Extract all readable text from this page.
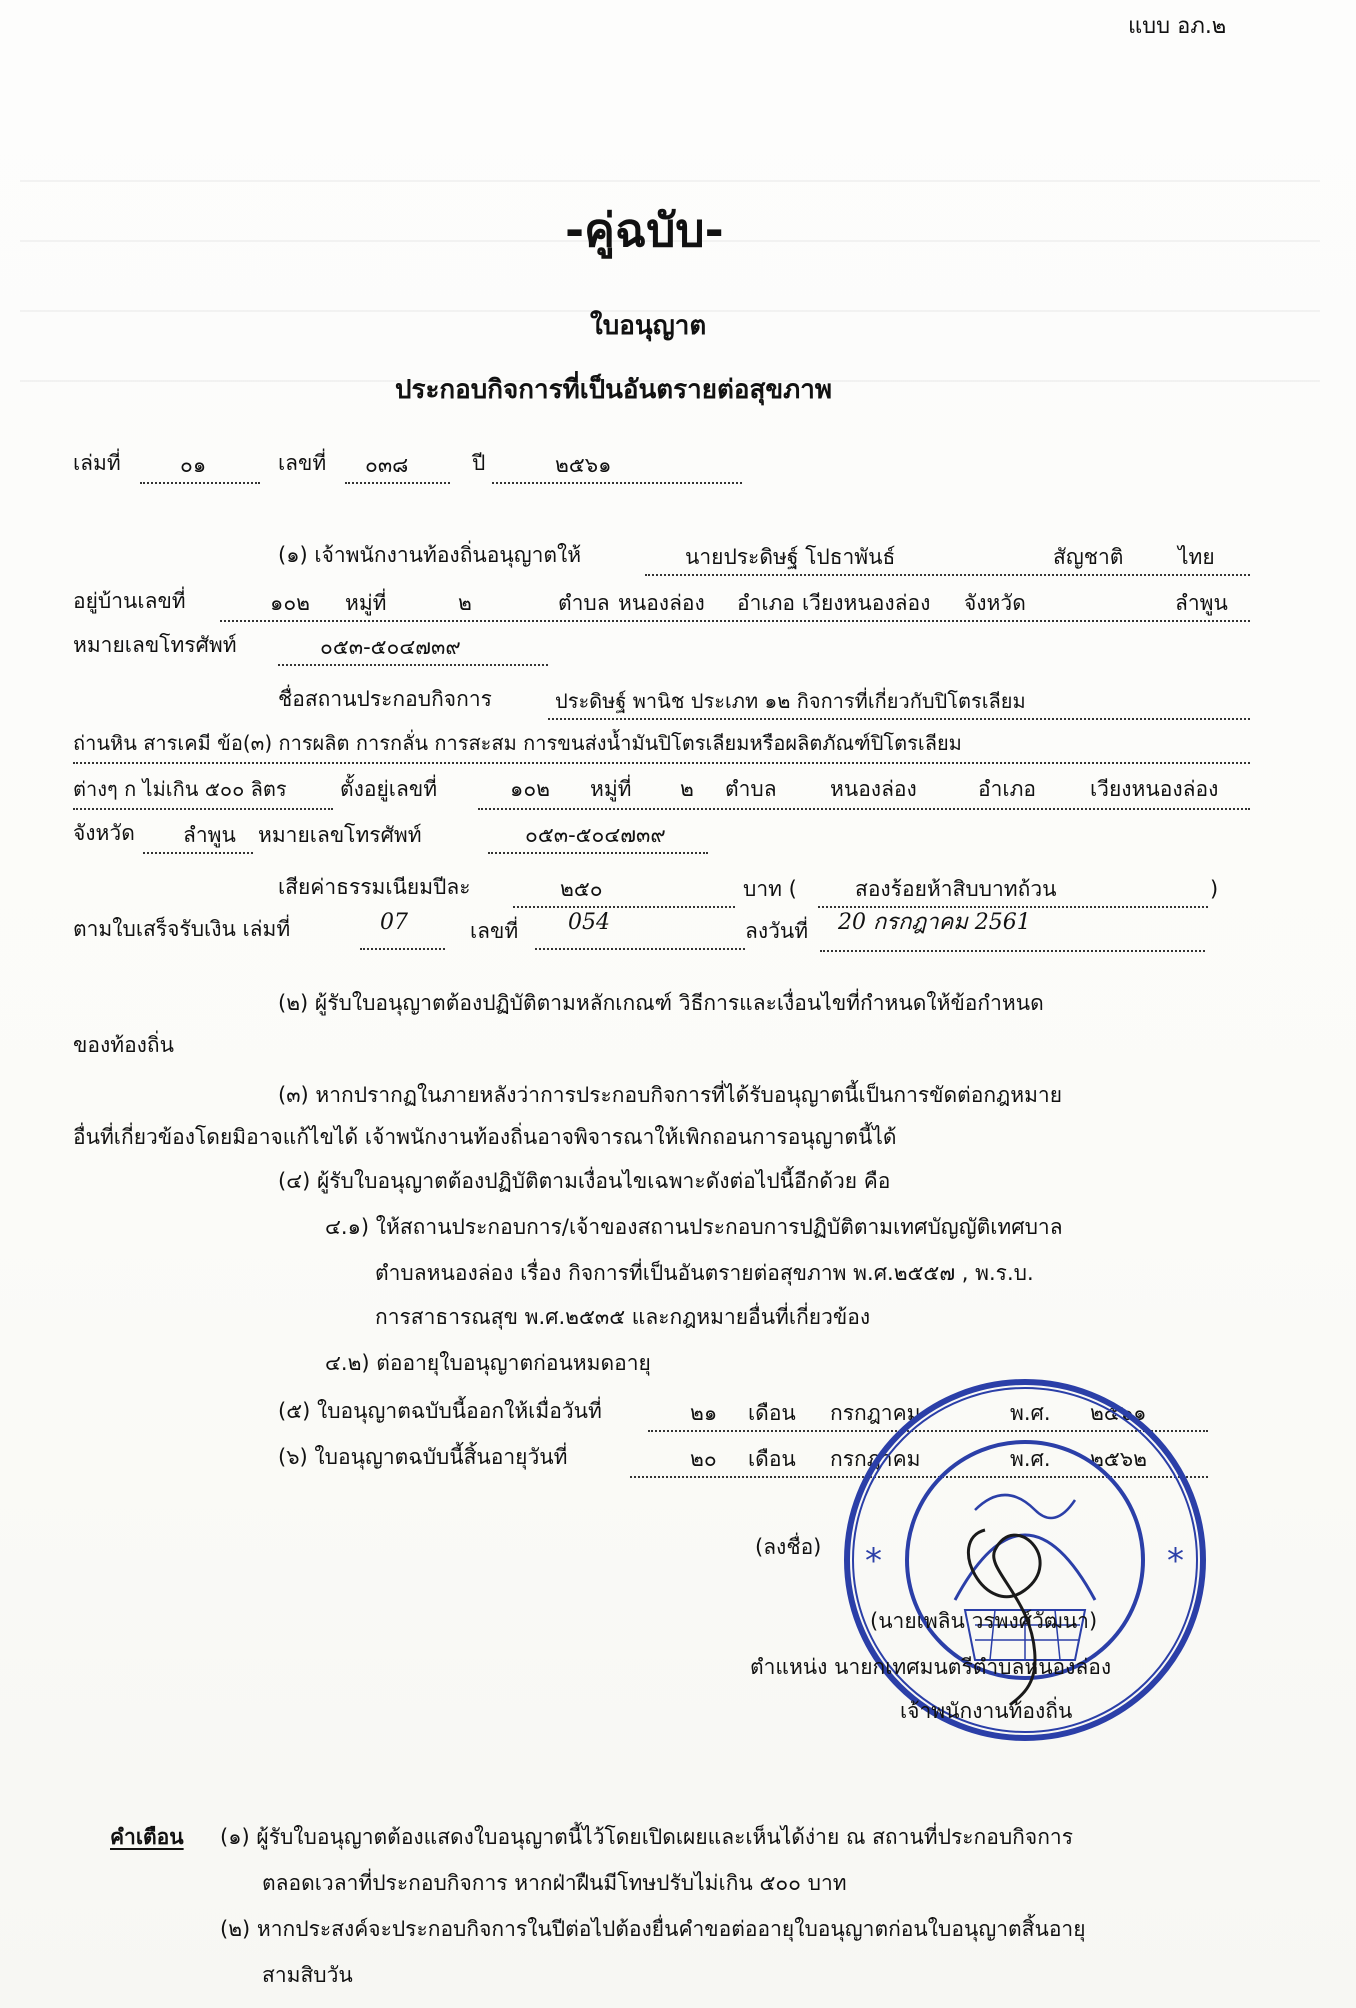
แบบ อภ.๒
-คู่ฉบับ-
ใบอนุญาต
ประกอบกิจการที่เป็นอันตรายต่อสุขภาพ
เล่มที่	๐๑	เลขที่ ๐๓๘	ปี	๒๕๖๑
(๑) เจ้าพนักงานท้องถิ่นอนุญาตให้	นายประดิษฐ์ โปธาพันธ์	สัญชาติ	ไทย
อยู่บ้านเลขที่	๑๐๒ หมู่ที่	๒	ตำบล หนองล่อง อำเภอ เวียงหนองล่อง จังหวัด	ลำพูน
หมายเลขโทรศัพท์	๐๕๓-๕๐๔๗๓๙
ชื่อสถานประกอบกิจการ	ประดิษฐ์ พานิช ประเภท ๑๒ กิจการที่เกี่ยวกับปิโตรเลียม
ถ่านหิน สารเคมี ข้อ(๓) การผลิต การกลั่น การสะสม การขนส่งน้ำมันปิโตรเลียมหรือผลิตภัณฑ์ปิโตรเลียม
ต่างๆ ก ไม่เกิน ๕๐๐ ลิตร	ตั้งอยู่เลขที่	๑๐๒ หมู่ที่ ๒ ตำบล	หนองล่อง	อำเภอ	เวียงหนองล่อง
จังหวัด ลำพูน หมายเลขโทรศัพท์	๐๕๓-๕๐๔๗๓๙
เสียค่าธรรมเนียมปีละ	๒๕๐	บาท (	สองร้อยห้าสิบบาทถ้วน	)
ตามใบเสร็จรับเงิน เล่มที่	07	เลขที่ 054	ลงวันที่ 20 กรกฎาคม 2561
(๒) ผู้รับใบอนุญาตต้องปฏิบัติตามหลักเกณฑ์ วิธีการและเงื่อนไขที่กำหนดให้ข้อกำหนด
ของท้องถิ่น
(๓) หากปรากฏในภายหลังว่าการประกอบกิจการที่ได้รับอนุญาตนี้เป็นการขัดต่อกฎหมาย
อื่นที่เกี่ยวข้องโดยมิอาจแก้ไขได้ เจ้าพนักงานท้องถิ่นอาจพิจารณาให้เพิกถอนการอนุญาตนี้ได้
(๔) ผู้รับใบอนุญาตต้องปฏิบัติตามเงื่อนไขเฉพาะดังต่อไปนี้อีกด้วย คือ
๔.๑) ให้สถานประกอบการ/เจ้าของสถานประกอบการปฏิบัติตามเทศบัญญัติเทศบาล
ตำบลหนองล่อง เรื่อง กิจการที่เป็นอันตรายต่อสุขภาพ พ.ศ.๒๕๕๗ , พ.ร.บ.
การสาธารณสุข พ.ศ.๒๕๓๕ และกฎหมายอื่นที่เกี่ยวข้อง
๔.๒) ต่ออายุใบอนุญาตก่อนหมดอายุ
(๕) ใบอนุญาตฉบับนี้ออกให้เมื่อวันที่	๒๑ เดือน กรกฎาคม	พ.ศ. ๒๕๖๑
(๖) ใบอนุญาตฉบับนี้สิ้นอายุวันที่	๒๐ เดือน กรกฎาคม	พ.ศ. ๒๕๖๒
*	*
(ลงชื่อ)
(นายเพลิน วรพงศ์วัฒนา)
ตำแหน่ง นายกเทศมนตรีตำบลหนองล่อง
เจ้าพนักงานท้องถิ่น
คำเตือน (๑) ผู้รับใบอนุญาตต้องแสดงใบอนุญาตนี้ไว้โดยเปิดเผยและเห็นได้ง่าย ณ สถานที่ประกอบกิจการ
ตลอดเวลาที่ประกอบกิจการ หากฝ่าฝืนมีโทษปรับไม่เกิน ๕๐๐ บาท
(๒) หากประสงค์จะประกอบกิจการในปีต่อไปต้องยื่นคำขอต่ออายุใบอนุญาตก่อนใบอนุญาตสิ้นอายุ
สามสิบวัน
